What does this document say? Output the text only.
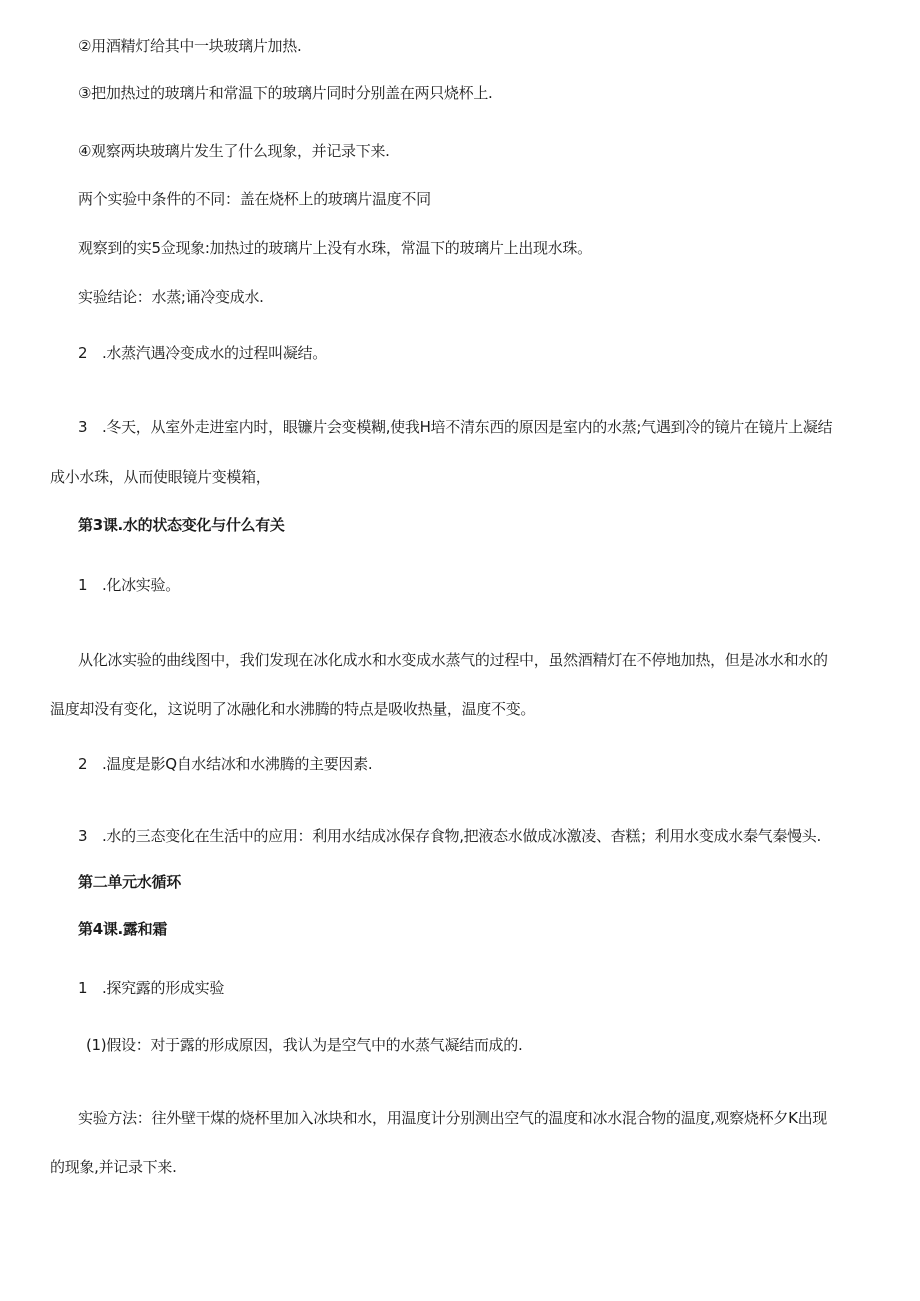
②用酒精灯给其中一块玻璃片加热.
③把加热过的玻璃片和常温下的玻璃片同时分别盖在两只烧杯上.
④观察两块玻璃片发生了什么现象，并记录下来.
两个实验中条件的不同：盖在烧杯上的玻璃片温度不同
观察到的实5佥现象:加热过的玻璃片上没有水珠，常温下的玻璃片上出现水珠。
实验结论：水蒸;诵冷变成水.
2　.水蒸汽遇冷变成水的过程叫凝结。
3　.冬天，从室外走进室内时，眼镰片会变模糊,使我H培不清东西的原因是室内的水蒸;气遇到冷的镜片在镜片上凝结
成小水珠，从而使眼镜片变模箱，
第3课.水的状态变化与什么有关
1　.化冰实验。
从化冰实验的曲线图中，我们发现在冰化成水和水变成水蒸气的过程中，虽然酒精灯在不停地加热，但是冰水和水的
温度却没有变化，这说明了冰融化和水沸腾的特点是吸收热量，温度不变。
2　.温度是影Q自水结冰和水沸腾的主要因素.
3　.水的三态变化在生活中的应用：利用水结成冰保存食物,把液态水做成冰激凌、杳糕；利用水变成水秦气秦慢头.
第二单元水循环
第4课.露和霜
1　.探究露的形成实验
(1)假设：对于露的形成原因，我认为是空气中的水蒸气凝结而成的.
实验方法：往外壁干煤的烧杯里加入冰块和水，用温度计分别测出空气的温度和冰水混合物的温度,观察烧杯夕K出现
的现象,并记录下来.
